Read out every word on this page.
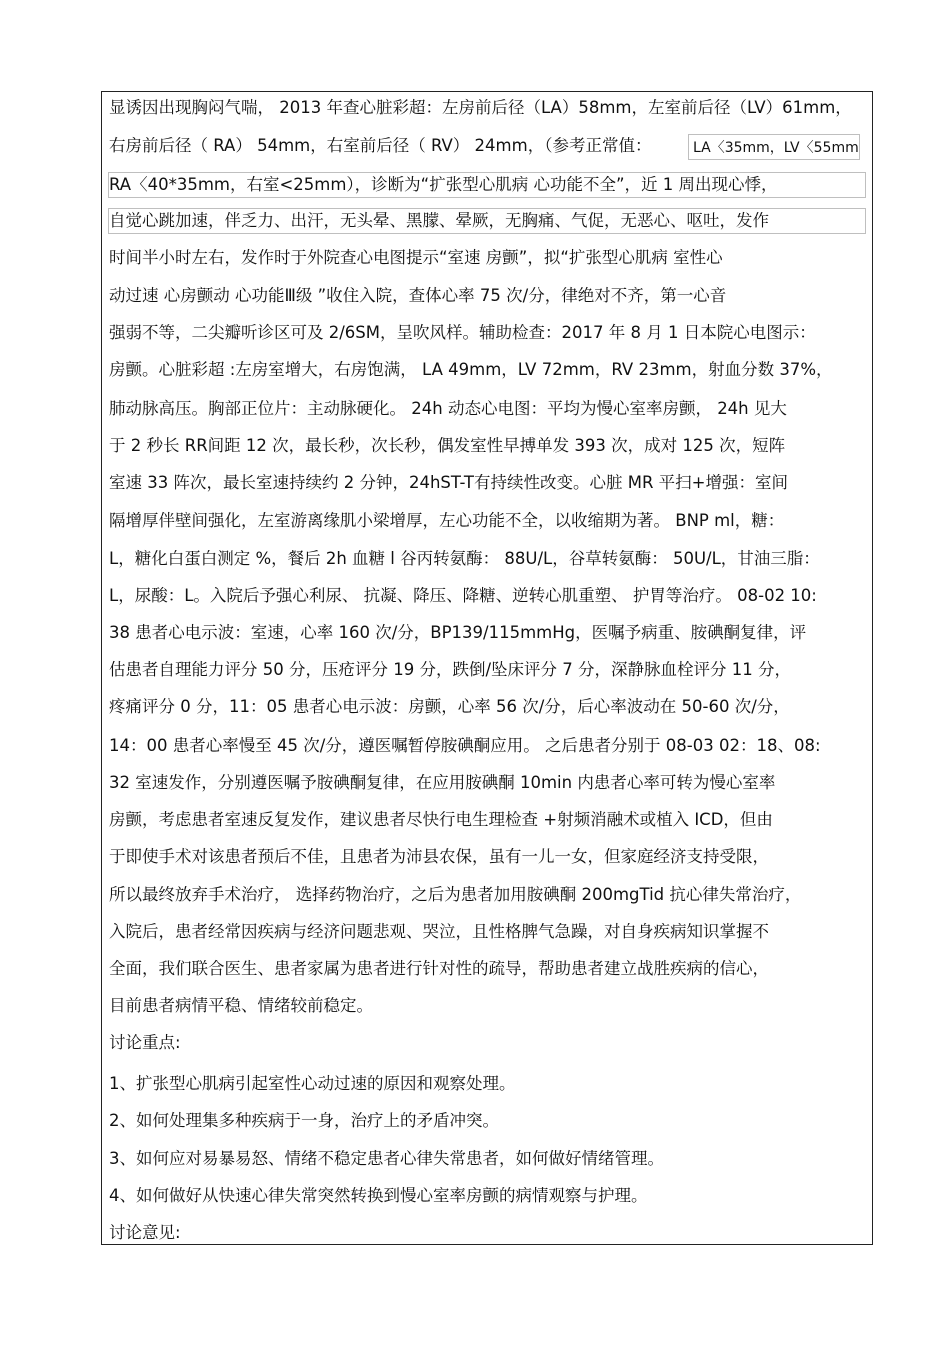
显诱因出现胸闷气喘， 2013 年查心脏彩超：左房前后径（LA）58mm，左室前后径（LV）61mm，
右房前后径（ RA） 54mm，右室前后径（ RV） 24mm，（参考正常值：	LA〈35mm，LV〈55mm
RA〈40*35mm，右室<25mm），诊断为“扩张型心肌病 心功能不全”，近 1 周出现心悸，
自觉心跳加速，伴乏力、出汗，无头晕、黑朦、晕厥，无胸痛、气促，无恶心、呕吐，发作
时间半小时左右，发作时于外院查心电图提示“室速 房颤”，拟“扩张型心肌病 室性心
动过速 心房颤动 心功能Ⅲ级 ”收住入院，查体心率 75 次/分，律绝对不齐，第一心音
强弱不等，二尖瓣听诊区可及 2/6SM，呈吹风样。辅助检查：2017 年 8 月 1 日本院心电图示：
房颤。心脏彩超 :左房室增大，右房饱满， LA 49mm，LV 72mm，RV 23mm，射血分数 37%，
肺动脉高压。胸部正位片：主动脉硬化。 24h 动态心电图：平均为慢心室率房颤， 24h 见大
于 2 秒长 RR间距 12 次，最长秒，次长秒，偶发室性早搏单发 393 次，成对 125 次，短阵
室速 33 阵次，最长室速持续约 2 分钟，24hST-T有持续性改变。心脏 MR 平扫+增强：室间
隔增厚伴壁间强化，左室游离缘肌小梁增厚，左心功能不全，以收缩期为著。 BNP ml，糖：
L，糖化白蛋白测定 %，餐后 2h 血糖 l 谷丙转氨酶： 88U/L，谷草转氨酶： 50U/L，甘油三脂：
L，尿酸：L。入院后予强心利尿、 抗凝、降压、降糖、逆转心肌重塑、 护胃等治疗。 08-02 10:
38 患者心电示波：室速，心率 160 次/分，BP139/115mmHg，医嘱予病重、胺碘酮复律，评
估患者自理能力评分 50 分，压疮评分 19 分，跌倒/坠床评分 7 分，深静脉血栓评分 11 分，
疼痛评分 0 分，11：05 患者心电示波：房颤，心率 56 次/分，后心率波动在 50-60 次/分，
14：00 患者心率慢至 45 次/分，遵医嘱暂停胺碘酮应用。 之后患者分别于 08-03 02：18、08:
32 室速发作，分别遵医嘱予胺碘酮复律，在应用胺碘酮 10min 内患者心率可转为慢心室率
房颤，考虑患者室速反复发作，建议患者尽快行电生理检查 +射频消融术或植入 ICD，但由
于即使手术对该患者预后不佳，且患者为沛县农保，虽有一儿一女，但家庭经济支持受限，
所以最终放弃手术治疗， 选择药物治疗，之后为患者加用胺碘酮 200mgTid 抗心律失常治疗，
入院后，患者经常因疾病与经济问题悲观、哭泣，且性格脾气急躁，对自身疾病知识掌握不
全面，我们联合医生、患者家属为患者进行针对性的疏导，帮助患者建立战胜疾病的信心，
目前患者病情平稳、情绪较前稳定。
讨论重点:
1、扩张型心肌病引起室性心动过速的原因和观察处理。
2、如何处理集多种疾病于一身，治疗上的矛盾冲突。
3、如何应对易暴易怒、情绪不稳定患者心律失常患者，如何做好情绪管理。
4、如何做好从快速心律失常突然转换到慢心室率房颤的病情观察与护理。
讨论意见:
